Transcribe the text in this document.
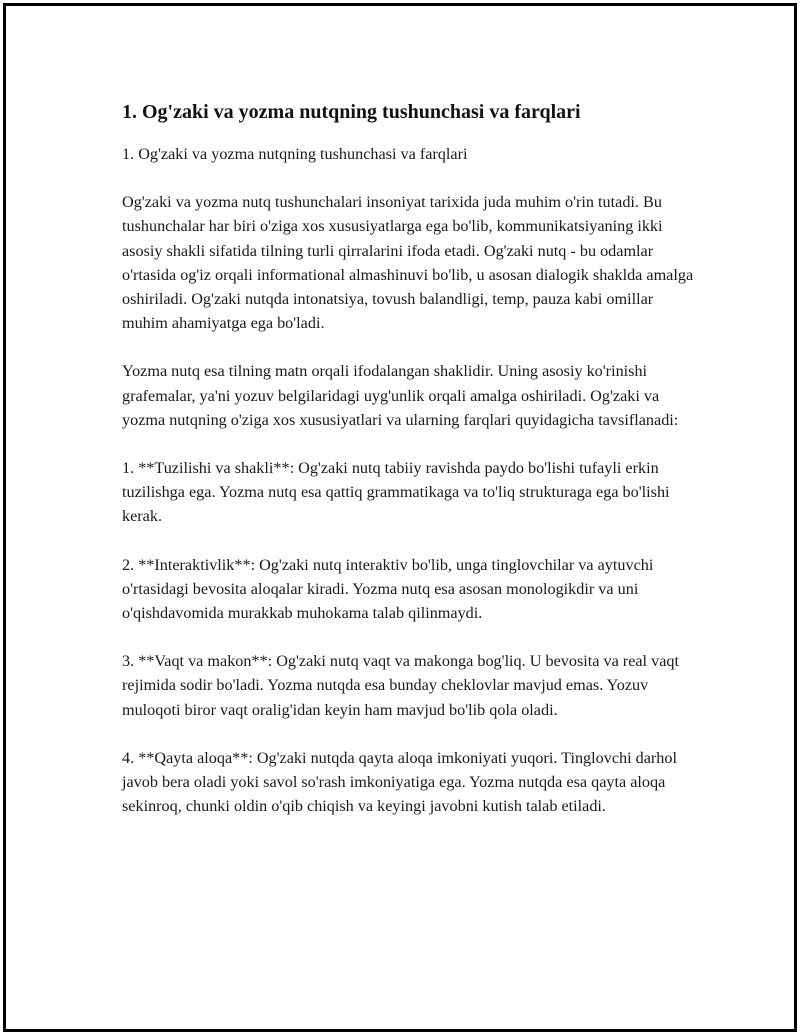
1. Og'zaki va yozma nutqning tushunchasi va farqlari

1. Og'zaki va yozma nutqning tushunchasi va farqlari

Og'zaki va yozma nutq tushunchalari insoniyat tarixida juda muhim o'rin tutadi. Bu tushunchalar har biri o'ziga xos xususiyatlarga ega bo'lib, kommunikatsiyaning ikki asosiy shakli sifatida tilning turli qirralarini ifoda etadi. Og'zaki nutq - bu odamlar o'rtasida og'iz orqali informational almashinuvi bo'lib, u asosan dialogik shaklda amalga oshiriladi. Og'zaki nutqda intonatsiya, tovush balandligi, temp, pauza kabi omillar muhim ahamiyatga ega bo'ladi.

Yozma nutq esa tilning matn orqali ifodalangan shaklidir. Uning asosiy ko'rinishi grafemalar, ya'ni yozuv belgilaridagi uyg'unlik orqali amalga oshiriladi. Og'zaki va yozma nutqning o'ziga xos xususiyatlari va ularning farqlari quyidagicha tavsiflanadi:

1. **Tuzilishi va shakli**: Og'zaki nutq tabiiy ravishda paydo bo'lishi tufayli erkin tuzilishga ega. Yozma nutq esa qattiq grammatikaga va to'liq strukturaga ega bo'lishi kerak.

2. **Interaktivlik**: Og'zaki nutq interaktiv bo'lib, unga tinglovchilar va aytuvchi o'rtasidagi bevosita aloqalar kiradi. Yozma nutq esa asosan monologikdir va uni o'qishdavomida murakkab muhokama talab qilinmaydi.

3. **Vaqt va makon**: Og'zaki nutq vaqt va makonga bog'liq. U bevosita va real vaqt rejimida sodir bo'ladi. Yozma nutqda esa bunday cheklovlar mavjud emas. Yozuv muloqoti biror vaqt oralig'idan keyin ham mavjud bo'lib qola oladi.

4. **Qayta aloqa**: Og'zaki nutqda qayta aloqa imkoniyati yuqori. Tinglovchi darhol javob bera oladi yoki savol so'rash imkoniyatiga ega. Yozma nutqda esa qayta aloqa sekinroq, chunki oldin o'qib chiqish va keyingi javobni kutish talab etiladi.
